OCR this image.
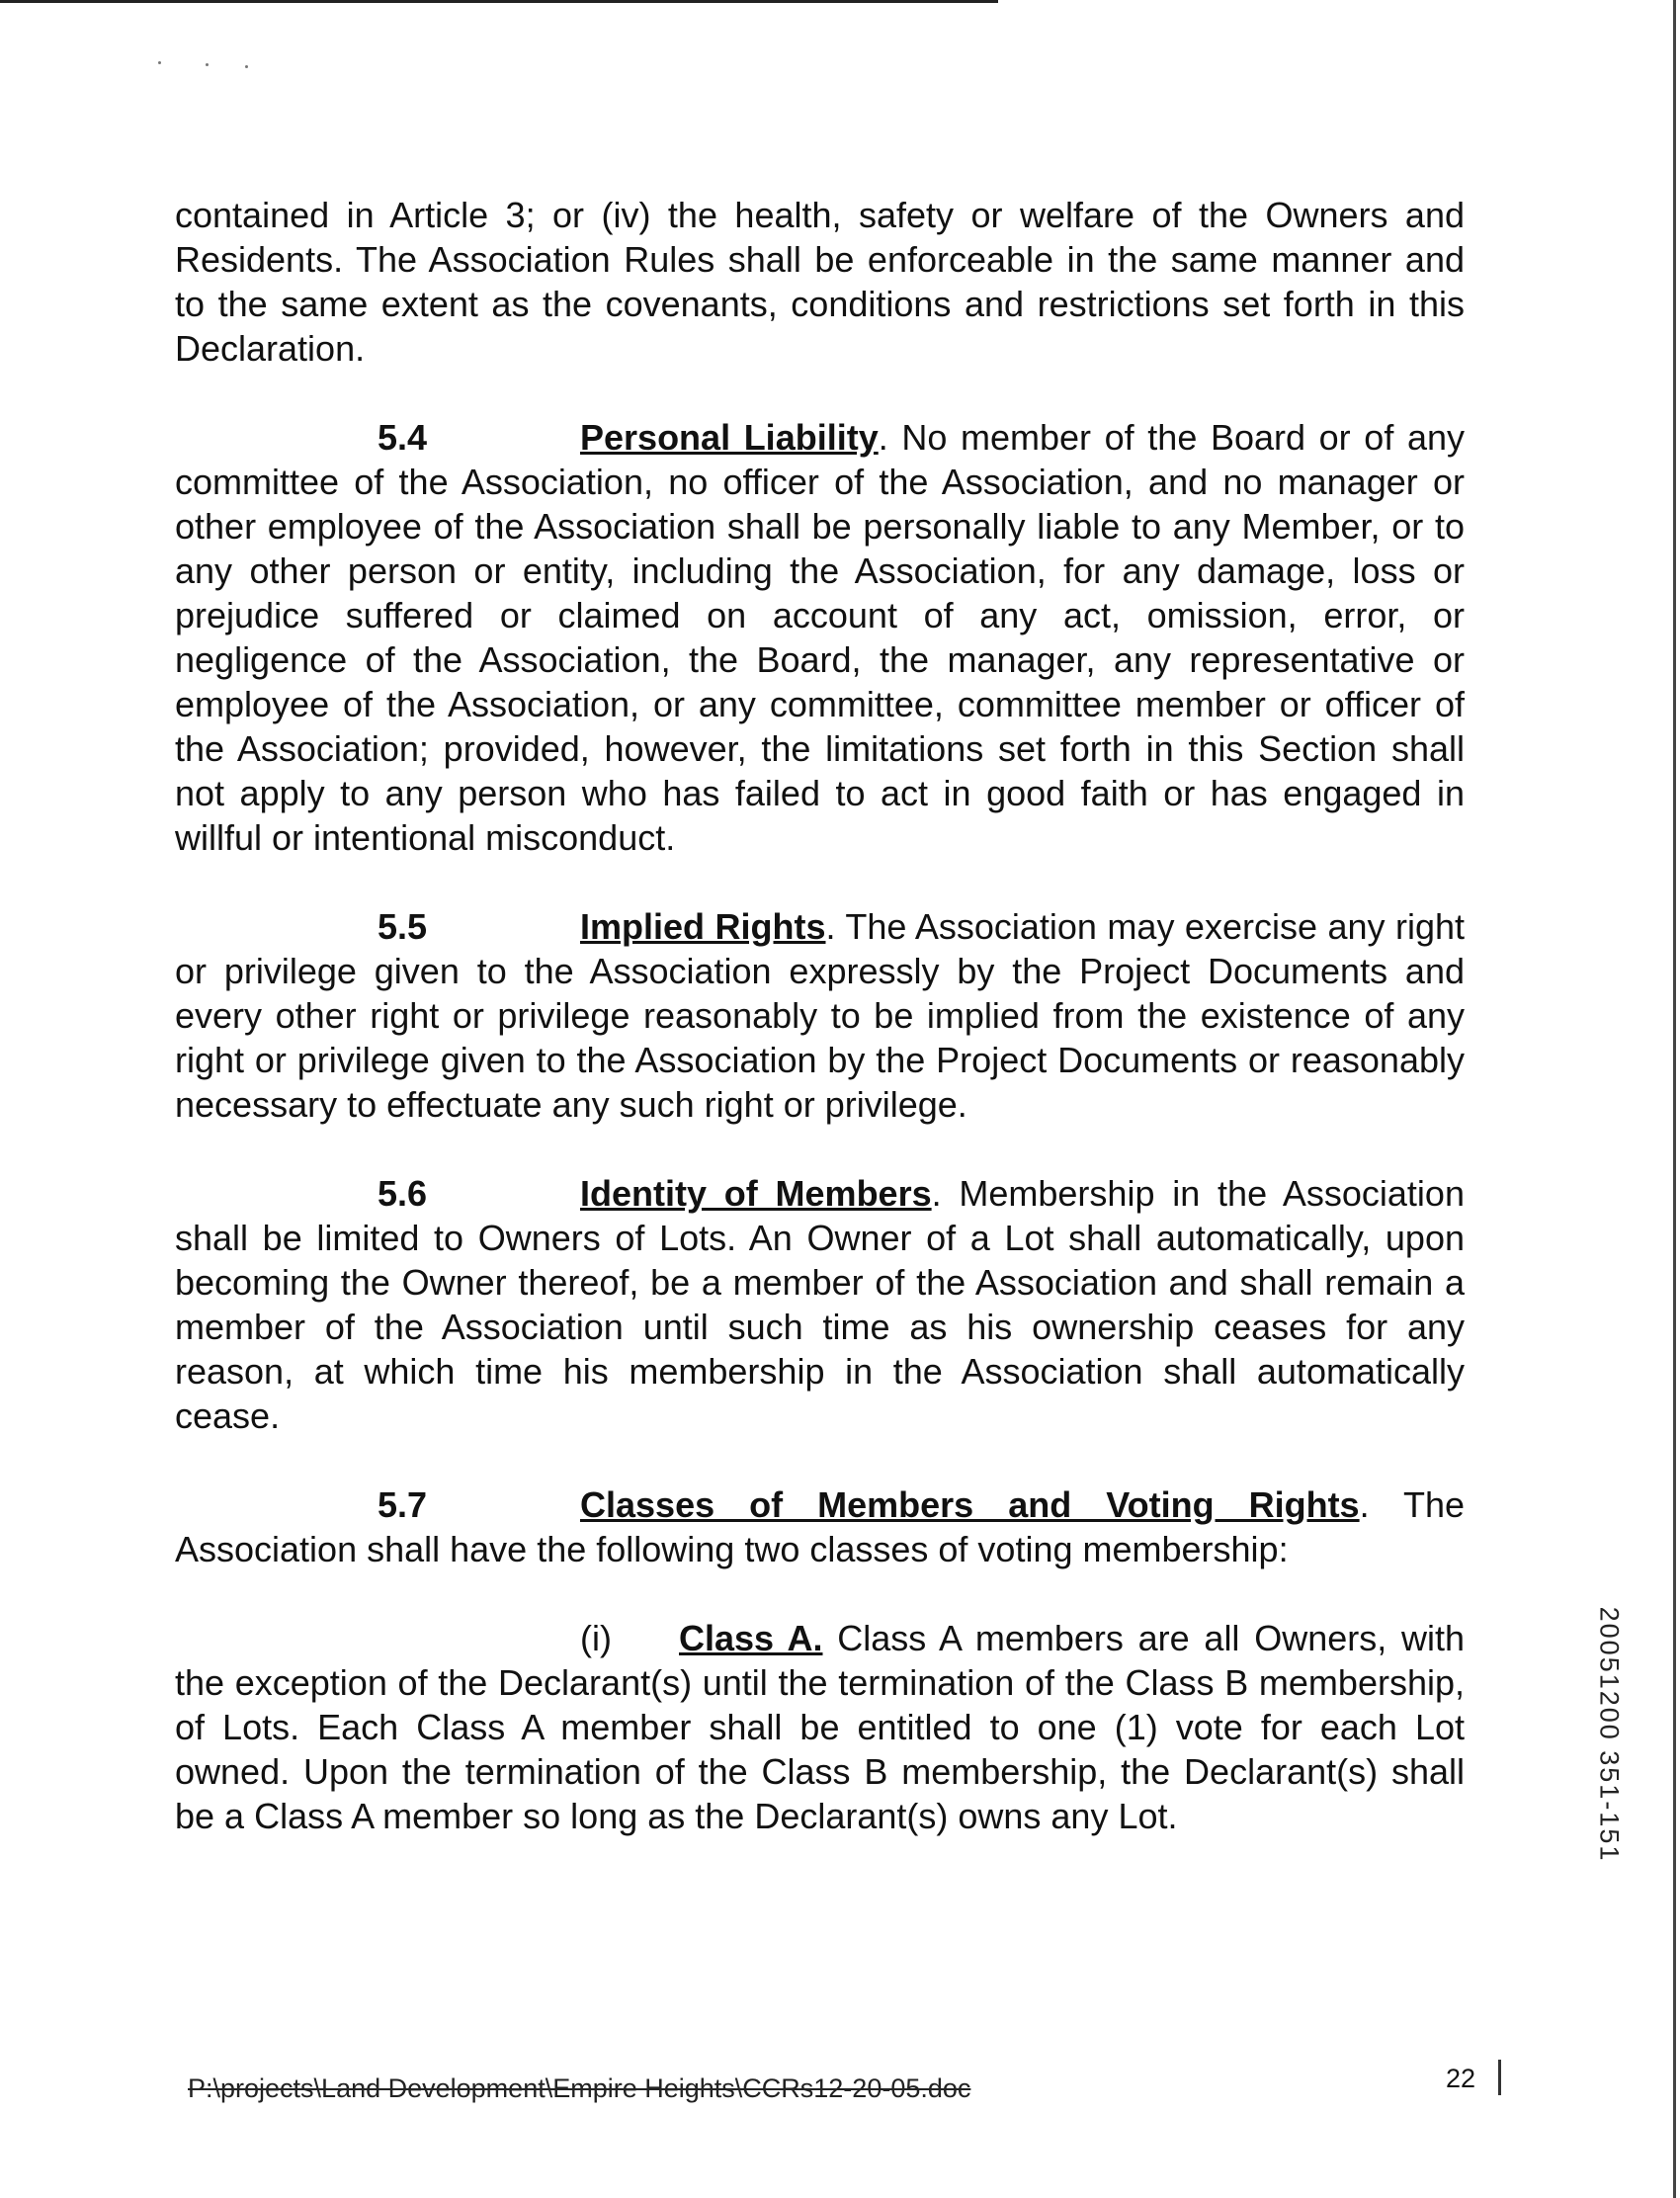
contained in Article 3; or (iv) the health, safety or welfare of the Owners and Residents. The Association Rules shall be enforceable in the same manner and to the same extent as the covenants, conditions and restrictions set forth in this Declaration.

5.4	Personal Liability. No member of the Board or of any committee of the Association, no officer of the Association, and no manager or other employee of the Association shall be personally liable to any Member, or to any other person or entity, including the Association, for any damage, loss or prejudice suffered or claimed on account of any act, omission, error, or negligence of the Association, the Board, the manager, any representative or employee of the Association, or any committee, committee member or officer of the Association; provided, however, the limitations set forth in this Section shall not apply to any person who has failed to act in good faith or has engaged in willful or intentional misconduct.

5.5	Implied Rights. The Association may exercise any right or privilege given to the Association expressly by the Project Documents and every other right or privilege reasonably to be implied from the existence of any right or privilege given to the Association by the Project Documents or reasonably necessary to effectuate any such right or privilege.

5.6	Identity of Members. Membership in the Association shall be limited to Owners of Lots. An Owner of a Lot shall automatically, upon becoming the Owner thereof, be a member of the Association and shall remain a member of the Association until such time as his ownership ceases for any reason, at which time his membership in the Association shall automatically cease.

5.7	Classes of Members and Voting Rights. The Association shall have the following two classes of voting membership:

(i) Class A. Class A members are all Owners, with the exception of the Declarant(s) until the termination of the Class B membership, of Lots. Each Class A member shall be entitled to one (1) vote for each Lot owned. Upon the termination of the Class B membership, the Declarant(s) shall be a Class A member so long as the Declarant(s) owns any Lot.	20051200 351-151
P:\projects\Land Development\Empire Heights\CCRs12-20-05.doc	22
